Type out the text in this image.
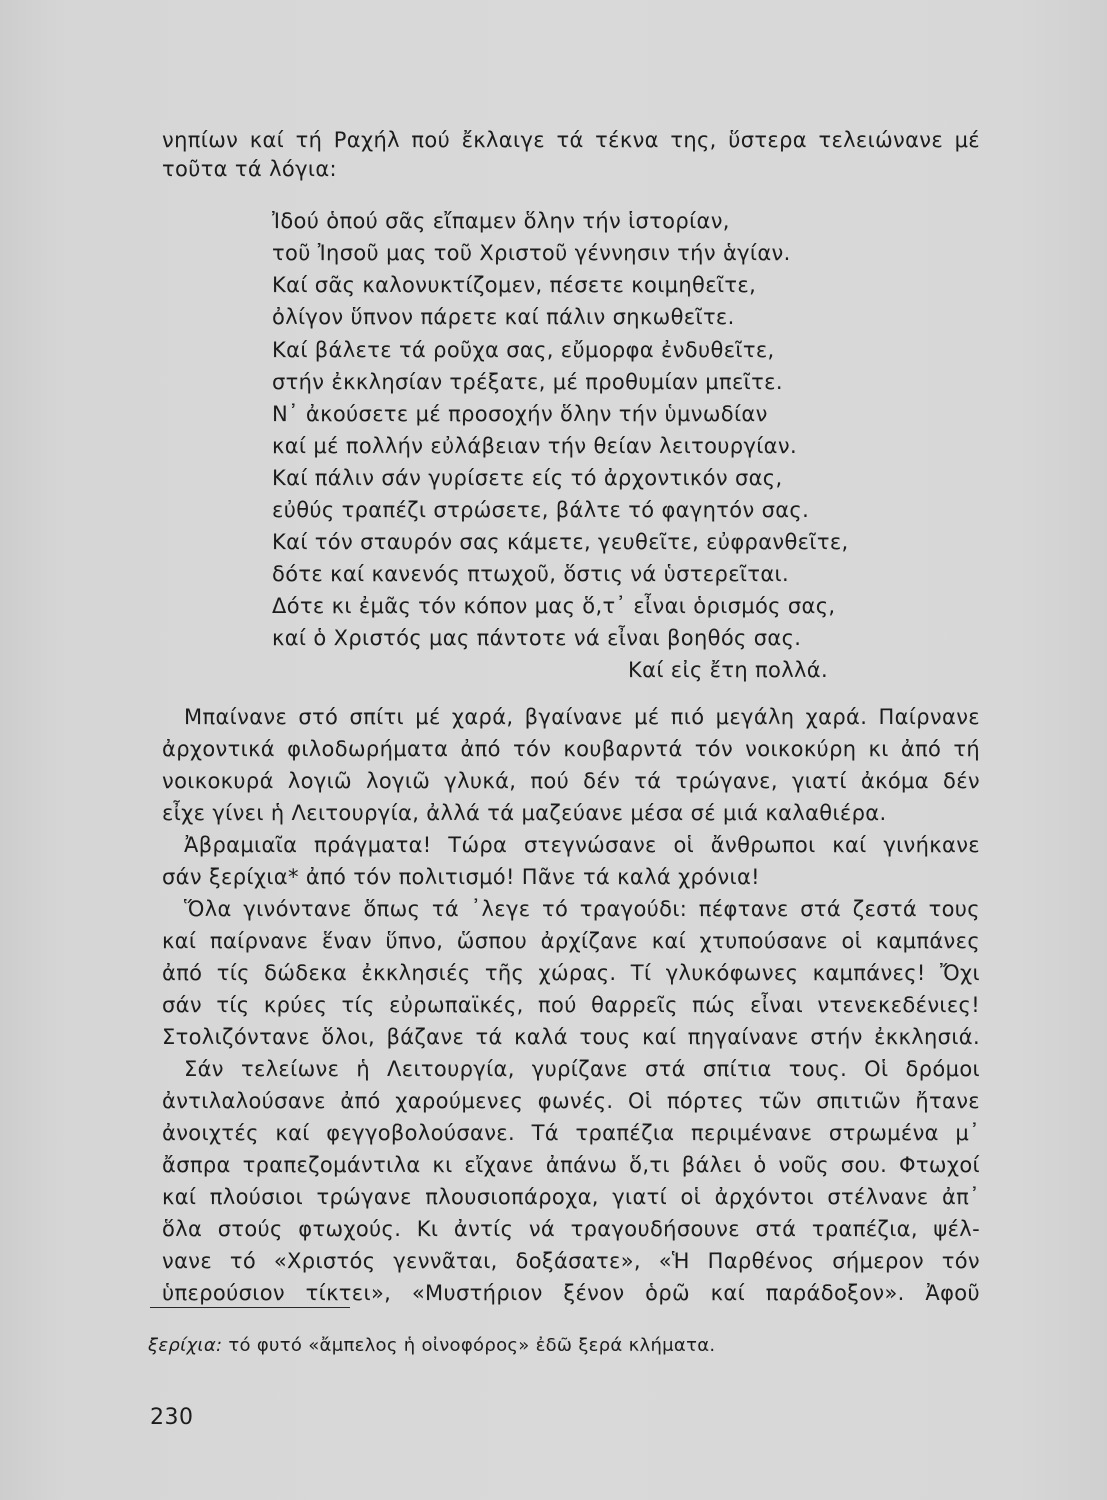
νηπίων καί τή Ραχήλ πού ἔκλαιγε τά τέκνα της, ὕστερα τελειώνανε μέ
τοῦτα τά λόγια:
Ἰδού ὁπού σᾶς εἴπαμεν ὅλην τήν ἱστορίαν,
τοῦ Ἰησοῦ μας τοῦ Χριστοῦ γέννησιν τήν ἁγίαν.
Καί σᾶς καλονυκτίζομεν, πέσετε κοιμηθεῖτε,
ὀλίγον ὕπνον πάρετε καί πάλιν σηκωθεῖτε.
Καί βάλετε τά ροῦχα σας, εὔμορφα ἐνδυθεῖτε,
στήν ἐκκλησίαν τρέξατε, μέ προθυμίαν μπεῖτε.
Ν᾽ ἀκούσετε μέ προσοχήν ὅλην τήν ὑμνωδίαν
καί μέ πολλήν εὐλάβειαν τήν θείαν λειτουργίαν.
Καί πάλιν σάν γυρίσετε είς τό ἀρχοντικόν σας,
εὐθύς τραπέζι στρώσετε, βάλτε τό φαγητόν σας.
Καί τόν σταυρόν σας κάμετε, γευθεῖτε, εὐφρανθεῖτε,
δότε καί κανενός πτωχοῦ, ὅστις νά ὑστερεῖται.
Δότε κι ἐμᾶς τόν κόπον μας ὅ,τ᾽ εἶναι ὁρισμός σας,
καί ὁ Χριστός μας πάντοτε νά εἶναι βοηθός σας.
Καί εἰς ἔτη πολλά.
Μπαίνανε στό σπίτι μέ χαρά, βγαίνανε μέ πιό μεγάλη χαρά. Παίρνανε
ἀρχοντικά φιλοδωρήματα ἀπό τόν κουβαρντά τόν νοικοκύρη κι ἀπό τή
νοικοκυρά λογιῶ λογιῶ γλυκά, πού δέν τά τρώγανε, γιατί ἀκόμα δέν
εἶχε γίνει ἡ Λειτουργία, ἀλλά τά μαζεύανε μέσα σέ μιά καλαθιέρα.
Ἀβραμιαῖα πράγματα! Τώρα στεγνώσανε οἱ ἄνθρωποι καί γινήκανε
σάν ξερίχια* ἀπό τόν πολιτισμό! Πᾶνε τά καλά χρόνια!
Ὅλα γινόντανε ὅπως τά ᾽λεγε τό τραγούδι: πέφτανε στά ζεστά τους
καί παίρνανε ἕναν ὕπνο, ὥσπου ἀρχίζανε καί χτυπούσανε οἱ καμπάνες
ἀπό τίς δώδεκα ἐκκλησιές τῆς χώρας. Τί γλυκόφωνες καμπάνες! Ὄχι
σάν τίς κρύες τίς εὐρωπαϊκές, πού θαρρεῖς πώς εἶναι ντενεκεδένιες!
Στολιζόντανε ὅλοι, βάζανε τά καλά τους καί πηγαίνανε στήν ἐκκλησιά.
Σάν τελείωνε ἡ Λειτουργία, γυρίζανε στά σπίτια τους. Οἱ δρόμοι
ἀντιλαλούσανε ἀπό χαρούμενες φωνές. Οἱ πόρτες τῶν σπιτιῶν ἤτανε
ἀνοιχτές καί φεγγοβολούσανε. Τά τραπέζια περιμένανε στρωμένα μ᾽
ἄσπρα τραπεζομάντιλα κι εἴχανε ἀπάνω ὅ,τι βάλει ὁ νοῦς σου. Φτωχοί
καί πλούσιοι τρώγανε πλουσιοπάροχα, γιατί οἱ ἀρχόντοι στέλνανε ἀπ᾽
ὅλα στούς φτωχούς. Κι ἀντίς νά τραγουδήσουνε στά τραπέζια, ψέλ-
νανε τό «Χριστός γεννᾶται, δοξάσατε», «Ἡ Παρθένος σήμερον τόν
ὑπερούσιον τίκτει», «Μυστήριον ξένον ὁρῶ καί παράδοξον». Ἀφοῦ
ξερίχια: τό φυτό «ἄμπελος ἡ οἰνοφόρος» ἐδῶ ξερά κλήματα.
230
